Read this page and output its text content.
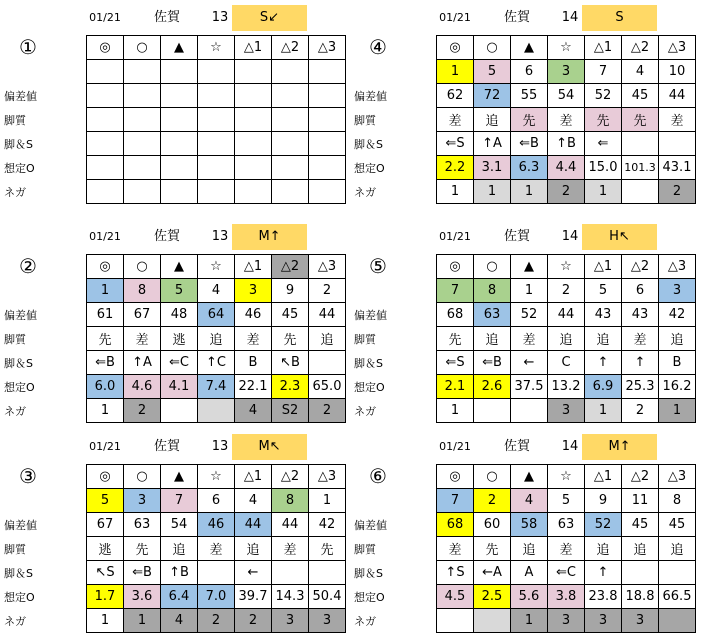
01/21	佐賀	13	S↙
①
偏差値
脚質
脚＆S
想定O
ネガ
◎	○	▲	☆	△1	△2	△3

01/21	佐賀	14	S
④
偏差値
脚質
脚＆S
想定O
ネガ
◎	○	▲	☆	△1	△2	△3
1	5	6	3	7	4	10
62	72	55	54	52	45	44
差	追	先	差	先	先	差
⇐S	↑A	⇐B	↑B	⇐		
2.2	3.1	6.3	4.4	15.0	101.3	43.1
1	1	1	2	1		2
01/21	佐賀	13	M↑
②
偏差値
脚質
脚＆S
想定O
ネガ
◎	○	▲	☆	△1	△2	△3
1	8	5	4	3	9	2
61	67	48	64	46	45	44
先	差	逃	追	差	先	追
⇐B	↑A	⇐C	↑C	B	↖B	
6.0	4.6	4.1	7.4	22.1	2.3	65.0
1	2			4	S2	2
01/21	佐賀	14	H↖
⑤
偏差値
脚質
脚＆S
想定O
ネガ
◎	○	▲	☆	△1	△2	△3
7	8	1	2	5	6	3
68	63	52	44	43	43	42
先	追	差	追	追	差	追
⇐S	⇐B	←	C	↑	↑	B
2.1	2.6	37.5	13.2	6.9	25.3	16.2
1			3	1	2	1
01/21	佐賀	13	M↖
③
偏差値
脚質
脚＆S
想定O
ネガ
◎	○	▲	☆	△1	△2	△3
5	3	7	6	4	8	1
67	63	54	46	44	44	42
逃	先	追	差	追	差	先
↖S	⇐B	↑B		←		
1.7	3.6	6.4	7.0	39.7	14.3	50.4
1	1	4	2	2	3	3
01/21	佐賀	14	M↑
⑥
偏差値
脚質
脚＆S
想定O
ネガ
◎	○	▲	☆	△1	△2	△3
7	2	4	5	9	11	8
68	60	58	63	52	45	45
差	先	追	差	追	追	追
↑S	←A	A	⇐C	↑		
4.5	2.5	5.6	3.8	23.8	18.8	66.5
		1	3	3	3	
